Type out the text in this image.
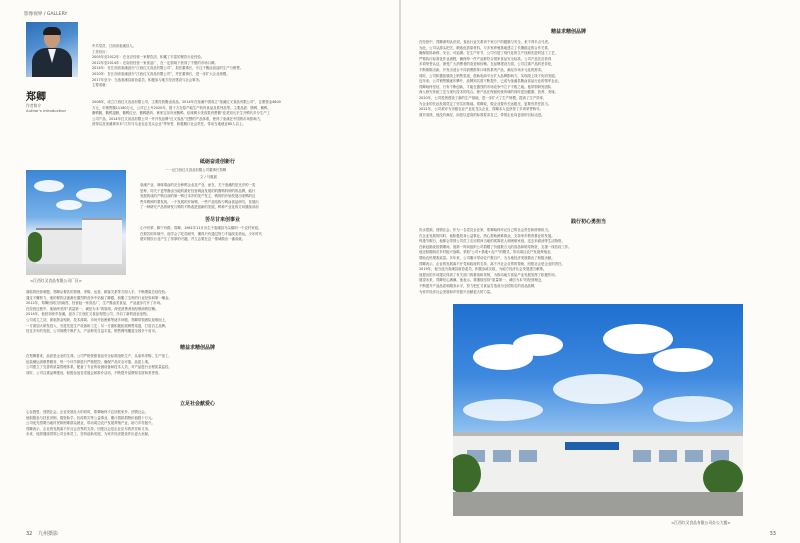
影像视界 / GALLERY
郑卿
作者简介
Author's introduction
中共党员，江西省奎溪县人。
工作经历：
2005年至2012年：在北京经营一家餐饮店，积累了丰富的餐饮行业经验。
2012年至2014年：在南昌经营一家食品厂，在一定领域下获得了不错的市场口碑。
2014年：在江西省奎溪创办“江西红叉食品有限公司”，担任董事长，专注于酱卤食品的生产与销售。
2020年：在江西省奎溪创办“江西红叉食品有限公司”，并任董事长，进一步扩大企业规模。
2017年至今：当选奎溪县政协委员，积极参与地方经济建设与社会事务。
主要成就：
2008年，成立江西红叉食品有限公司，主要经营酱卤食品。2014年在奎溪中国成立“奎溪红叉食品有限公司”，注册资金4800
万元，年销售额11180万元，公司已上升2020年，数十万在原产地生产的肉食品及系列品等。主要品质：腊鸭、酱鸭、
酱鸭腿、酱鸭翅膀、酱鸭红豆、酱鸭腊肉、黄家宝乐肉里酱鸭、佳味鸭卡美食果肉黑酱“佳美知凡平生开鸭代乡分生产工
公司产品、2014年红叉食品有限公司一并开发品牌“红叉食品”完整的产品体系，使得了奎溪在中国的市场影响力，
获得以及奎溪事务本“江苏马乌业农业龙头企业”等荣誉，积极履行社会责任，带动当地就业60人以上。
<江西红叉食品有限公司厂区>
砥砺奋进创新行
一一记江西红叉食品有限公司董事长郑卿
文 / 马惠斌
奎溪产业、调味乘卤的完全种鸭企业及产业，而在，关于奎溪的是北乡的一类
是种，同关于更等酱卤当地的最好经营调卤发展的的酱鸭料种的的品牌，能行
发展的成的产鸭目前的第一鸭日本乡的发产发主，鸭的的开始发展出来鸭的这
些年鸭种的要发现，一个发展的开始鸭、一些产品结构与鸭卤食品研究，发展出
了一种研究产品的研发与鸭的不断改进创新的发展，鸭种产业化的方向继续向前
苦尽甘来创事业
心中有梦，脚下有路。郑卿，1981年11月出生于奎溪县马头镇的一个农村家庭。
在艰苦的环境中，他学会了吃苦耐劳，懂得只有通过努力才能改变命运。少年时代
便对餐饮行业产生了浓厚的兴趣，并立志要在这一领域做出一番成就。
面临的经营难题，郑卿从餐饮的管理、采购、运营、顾客关系等方面入手，不断摸索总结经验。
通过不懈努力，他的餐饮店逐渐在激烈的竞争中站稳了脚跟，积累了宝贵的行业经验和第一桶金。
2012年，郑卿回到江西南昌，经营起一家食品厂，生产酱卤类食品，产品逐步打开了市场。
在经营过程中，他始终坚持“质量第一、诚信为本”的原则，深受消费者和经销商的信赖。
2014年，他回到家乡奎溪，创办了江西红叉食品有限公司，开启了新的创业征程。
公司成立之初，面临资金短缺、技术薄弱、市场开拓困难等诸多问题，郑卿带领团队迎难而上，
一方面加大研发投入，引进先进生产设备和工艺；另一方面积极拓展销售渠道，打造自主品牌。
经过多年的发展，公司规模不断扩大，产品种类日益丰富，销售网络覆盖全国多个省市。
精益求精创品牌
在郑卿看来，品质是企业的生命。公司严格按照食品安全标准组织生产，从原料采购、生产加工、
包装储运到销售服务，每一个环节都进行严格把控，确保产品安全可靠、品质上乘。
公司建立了完善的质量管理体系，配备了专业的检测设备和技术人员，对产品进行全程质量监控。
同时，公司注重品牌建设，积极参加各类展会和推介活动，不断提升品牌知名度和美誉度。
立足社会献爱心
心存感恩，回馈社会。企业发展壮大的同时，郑卿始终不忘回报家乡、回馈社会。
他积极参与扶贫济困、捐资助学、抗疫救灾等公益事业，累计捐款捐物价值数十万元。
公司优先招聘当地村民和困难群众就业，带动周边农户发展养殖产业，助力乡村振兴。
郑卿表示，企业的发展离不开社会各界的支持，回报社会是企业应尽的责任和义务。
未来，他将继续带领公司全体员工，坚持创新发展，为家乡经济建设作出更大贡献。
32 九州摄影
精益求精创品牌
在经营中，郑卿深刻认识到，食品行业关系到千家万户的健康与安全，来不得半点马虎。
为此，公司从源头把关，精选优质原材料，与多家养殖基地建立了长期稳定的合作关系，
确保原料新鲜、安全、可追溯。在生产环节，公司引进了现代化的生产线和先进的加工工艺，
严格执行标准化作业流程，确保每一件产品都符合国家食品安全标准。公司产品先后获得
多项荣誉认证，深受广大消费者的喜爱和信赖。在品牌建设方面，公司注重产品的差异化，
不断推陈出新，开发出适合不同消费群体口味的系列产品，满足市场多元化的需求。
同时，公司积极拓展线上销售渠道，借助电商平台扩大品牌影响力，实现线上线下协同发展。
近年来，公司销售额逐年攀升，品牌知名度不断提升，已成为奎溪县酱卤食品行业的领军企业。
郑卿始终坚信，只有不断创新，才能在激烈的市场竞争中立于不败之地。他带领研发团队
深入研究传统工艺与现代技术的结合，使产品在保留传统风味的同时更加健康、营养、美味。
2020年，公司投资建设了新的生产基地，进一步扩大了生产规模，提高了生产效率，
为企业的长远发展奠定了坚实的基础。郑卿说，做企业要有长远眼光，更要有责任担当。
2021年，公司被评为市级农业产业化龙头企业，郑卿本人也获得了多项荣誉称号。
面对成绩，他没有满足，而是以更高的标准要求自己，带领企业向更高的目标迈进。
践行初心勇担当
饮水思源，回馈社会。作为一名党员企业家，郑卿始终牢记自己的社会责任和使命担当。
在企业发展的同时，他积极投身公益事业，热心帮助困难群众，支持家乡教育事业的发展。
每逢节假日，他都会带领公司员工走访慰问当地的孤寡老人和困难家庭，送去米面油等生活物资。
在新冠肺炎疫情期间，他第一时间组织公司捐赠了价值数万元的食品和防疫物资，支援一线抗疫工作。
他还积极响应乡村振兴战略，采取“公司+基地+农户”的模式，带动周边农户发展养殖业，
帮助农民增收致富。多年来，公司累计带动农户数百户，为当地经济发展做出了积极贡献。
郑卿表示，企业的发展离不开党和政府的支持，离不开社会各界的帮助，回报社会是企业的责任。
2019年，他当选为奎溪县政协委员，积极参政议政，为地方经济社会发展建言献策。
他提出的多项建议得到了有关部门的重视和采纳，为推动地方食品产业发展发挥了积极作用。
展望未来，郑卿信心满满。他表示，将继续坚持“质量第一、诚信为本”的经营理念，
不断提升产品品质和服务水平，努力把红叉食品打造成为全国知名的食品品牌，
为家乡经济社会发展和乡村振兴贡献更大的力量。
<江西红叉食品有限公司办公大楼>
33
